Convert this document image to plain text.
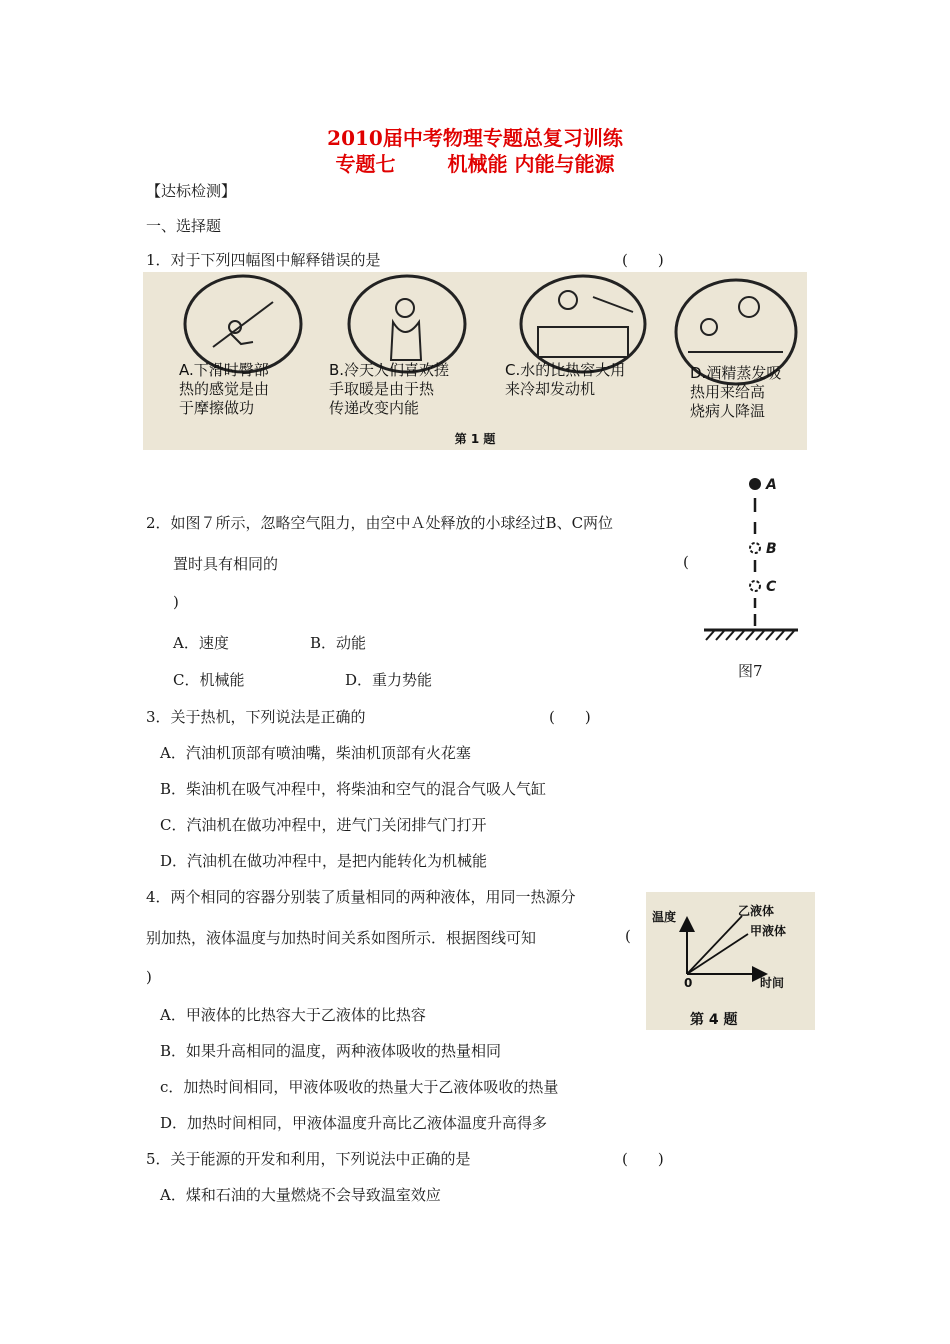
2010届中考物理专题总复习训练
专题七	机械能 内能与能源
【达标检测】
一、选择题
1．对于下列四幅图中解释错误的是	(　　)
A.下滑时臀部
热的感觉是由
于摩擦做功
B.冷天人们喜欢搓
手取暖是由于热
传递改变内能
C.水的比热容大用
来冷却发动机
D.酒精蒸发吸
热用来给高
烧病人降温
第 1 题
2．如图７所示，忽略空气阻力，由空中Ａ处释放的小球经过B、C两位
置时具有相同的	(
)
A．速度	B．动能
C．机械能	D．重力势能
A
B
C
图7
3．关于热机，下列说法是正确的	(　　)
A．汽油机顶部有喷油嘴，柴油机顶部有火花塞
B．柴油机在吸气冲程中，将柴油和空气的混合气吸人气缸
C．汽油机在做功冲程中，进气门关闭排气门打开
D．汽油机在做功冲程中，是把内能转化为机械能
4．两个相同的容器分别装了质量相同的两种液体，用同一热源分
别加热，液体温度与加热时间关系如图所示．根据图线可知	(
)
A．甲液体的比热容大于乙液体的比热容
B．如果升高相同的温度，两种液体吸收的热量相同
c．加热时间相同，甲液体吸收的热量大于乙液体吸收的热量
D．加热时间相同，甲液体温度升高比乙液体温度升高得多
温度	乙液体
甲液体
0	时间
第 4 题
5．关于能源的开发和利用，下列说法中正确的是	(　　)
A．煤和石油的大量燃烧不会导致温室效应
